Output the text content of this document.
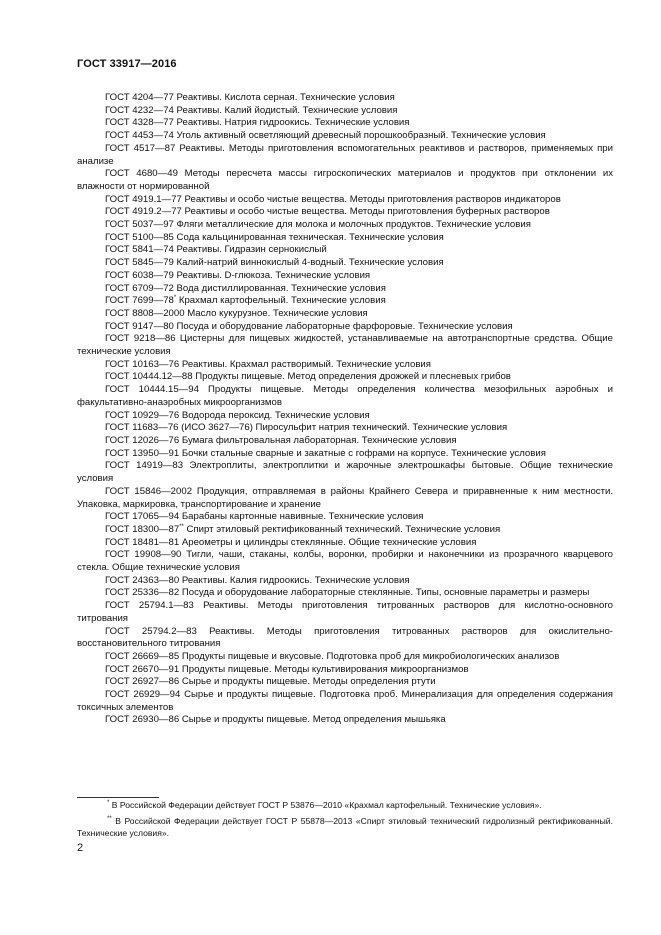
ГОСТ 33917—2016

ГОСТ 4204—77 Реактивы. Кислота серная. Технические условия

ГОСТ 4232—74 Реактивы. Калий йодистый. Технические условия

ГОСТ 4328—77 Реактивы. Натрия гидроокись. Технические условия

ГОСТ 4453—74 Уголь активный осветляющий древесный порошкообразный. Технические условия

ГОСТ 4517—87 Реактивы. Методы приготовления вспомогательных реактивов и растворов, применяемых при анализе

ГОСТ 4680—49 Методы пересчета массы гигроскопических материалов и продуктов при отклонении их влажности от нормированной

ГОСТ 4919.1—77 Реактивы и особо чистые вещества. Методы приготовления растворов индикаторов

ГОСТ 4919.2—77 Реактивы и особо чистые вещества. Методы приготовления буферных растворов

ГОСТ 5037—97 Фляги металлические для молока и молочных продуктов. Технические условия

ГОСТ 5100—85 Сода кальцинированная техническая. Технические условия

ГОСТ 5841—74 Реактивы. Гидразин сернокислый

ГОСТ 5845—79 Калий-натрий виннокислый 4-водный. Технические условия

ГОСТ 6038—79 Реактивы. D-глюкоза. Технические условия

ГОСТ 6709—72 Вода дистиллированная. Технические условия

ГОСТ 7699—78* Крахмал картофельный. Технические условия

ГОСТ 8808—2000 Масло кукурузное. Технические условия

ГОСТ 9147—80 Посуда и оборудование лабораторные фарфоровые. Технические условия

ГОСТ 9218—86 Цистерны для пищевых жидкостей, устанавливаемые на автотранспортные средства. Общие технические условия

ГОСТ 10163—76 Реактивы. Крахмал растворимый. Технические условия

ГОСТ 10444.12—88 Продукты пищевые. Метод определения дрожжей и плесневых грибов

ГОСТ 10444.15—94 Продукты пищевые. Методы определения количества мезофильных аэробных и факультативно-анаэробных микроорганизмов

ГОСТ 10929—76 Водорода пероксид. Технические условия

ГОСТ 11683—76 (ИСО 3627—76) Пиросульфит натрия технический. Технические условия

ГОСТ 12026—76 Бумага фильтровальная лабораторная. Технические условия

ГОСТ 13950—91 Бочки стальные сварные и закатные с гофрами на корпусе. Технические условия

ГОСТ 14919—83 Электроплиты, электроплитки и жарочные электрошкафы бытовые. Общие технические условия

ГОСТ 15846—2002 Продукция, отправляемая в районы Крайнего Севера и приравненные к ним местности. Упаковка, маркировка, транспортирование и хранение

ГОСТ 17065—94 Барабаны картонные навивные. Технические условия

ГОСТ 18300—87** Спирт этиловый ректификованный технический. Технические условия

ГОСТ 18481—81 Ареометры и цилиндры стеклянные. Общие технические условия

ГОСТ 19908—90 Тигли, чаши, стаканы, колбы, воронки, пробирки и наконечники из прозрачного кварцевого стекла. Общие технические условия

ГОСТ 24363—80 Реактивы. Калия гидроокись. Технические условия

ГОСТ 25336—82 Посуда и оборудование лабораторные стеклянные. Типы, основные параметры и размеры

ГОСТ 25794.1—83 Реактивы. Методы приготовления титрованных растворов для кислотно-основного титрования

ГОСТ 25794.2—83 Реактивы. Методы приготовления титрованных растворов для окислительно-восстановительного титрования

ГОСТ 26669—85 Продукты пищевые и вкусовые. Подготовка проб для микробиологических анализов

ГОСТ 26670—91 Продукты пищевые. Методы культивирования микроорганизмов

ГОСТ 26927—86 Сырье и продукты пищевые. Методы определения ртути

ГОСТ 26929—94 Сырье и продукты пищевые. Подготовка проб. Минерализация для определения содержания токсичных элементов

ГОСТ 26930—86 Сырье и продукты пищевые. Метод определения мышьяка

* В Российской Федерации действует ГОСТ Р 53876—2010 «Крахмал картофельный. Технические условия».

** В Российской Федерации действует ГОСТ Р 55878—2013 «Спирт этиловый технический гидролизный ректификованный. Технические условия».

2
